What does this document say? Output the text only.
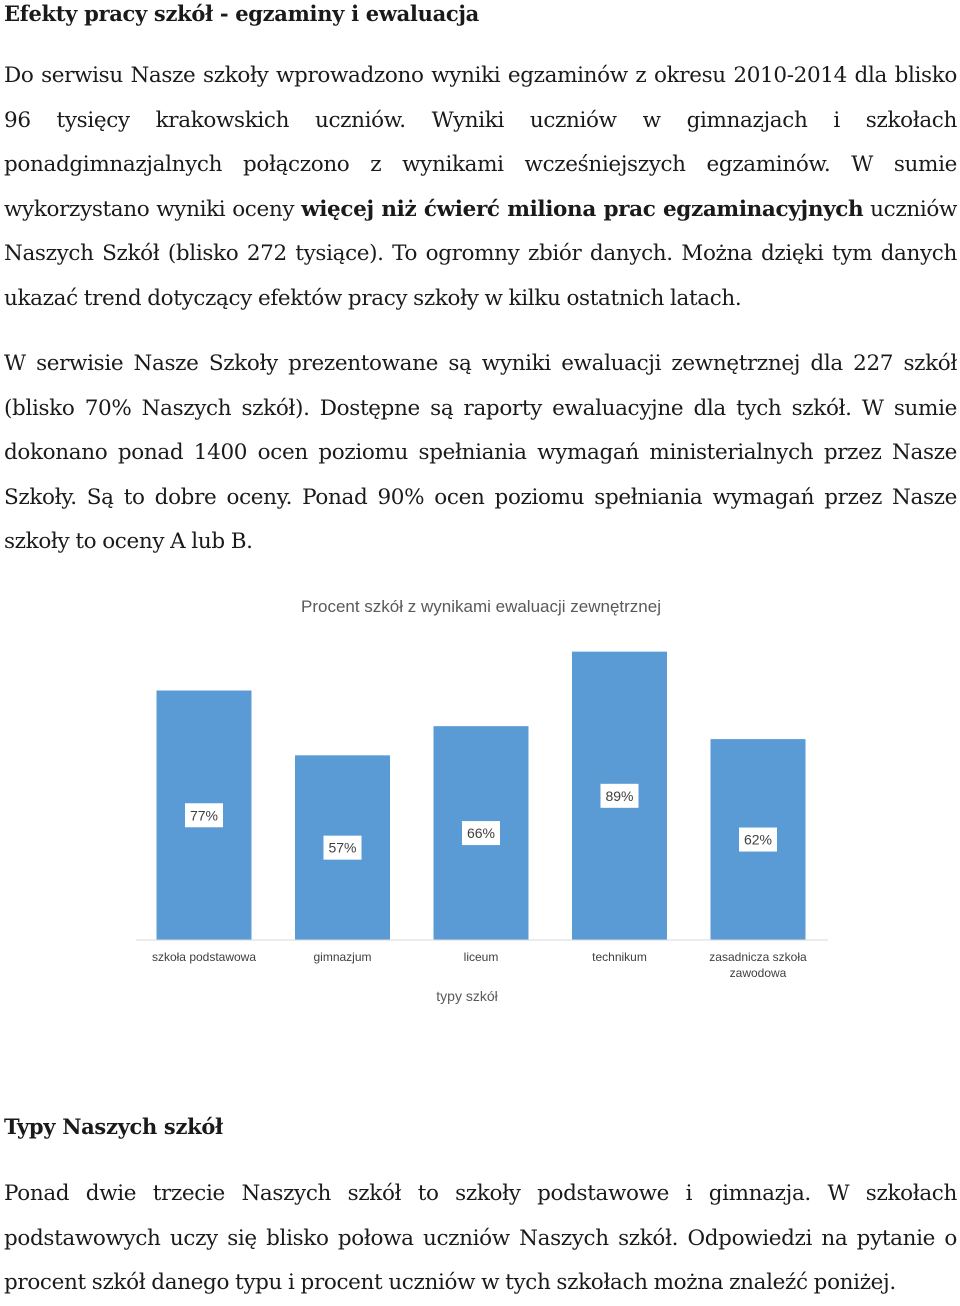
Efekty pracy szkół - egzaminy i ewaluacja

Do serwisu Nasze szkoły wprowadzono wyniki egzaminów z okresu 2010-2014 dla blisko 96 tysięcy krakowskich uczniów. Wyniki uczniów w gimnazjach i szkołach ponadgimnazjalnych połączono z wynikami wcześniejszych egzaminów. W sumie wykorzystano wyniki oceny więcej niż ćwierć miliona prac egzaminacyjnych uczniów Naszych Szkół (blisko 272 tysiące). To ogromny zbiór danych. Można dzięki tym danych ukazać trend dotyczący efektów pracy szkoły w kilku ostatnich latach.

W serwisie Nasze Szkoły prezentowane są wyniki ewaluacji zewnętrznej dla 227 szkół (blisko 70% Naszych szkół). Dostępne są raporty ewaluacyjne dla tych szkół. W sumie dokonano ponad 1400 ocen poziomu spełniania wymagań ministerialnych przez Nasze Szkoły. Są to dobre oceny. Ponad 90% ocen poziomu spełniania wymagań przez Nasze szkoły to oceny A lub B.

Procent szkół z wynikami ewaluacji zewnętrznej
77%
57%
66%
89%
62%
szkoła podstawowa	gimnazjum	liceum	technikum	zasadnicza szkoła
zawodowa
typy szkół
Typy Naszych szkół

Ponad dwie trzecie Naszych szkół to szkoły podstawowe i gimnazja. W szkołach podstawowych uczy się blisko połowa uczniów Naszych szkół. Odpowiedzi na pytanie o procent szkół danego typu i procent uczniów w tych szkołach można znaleźć poniżej.
